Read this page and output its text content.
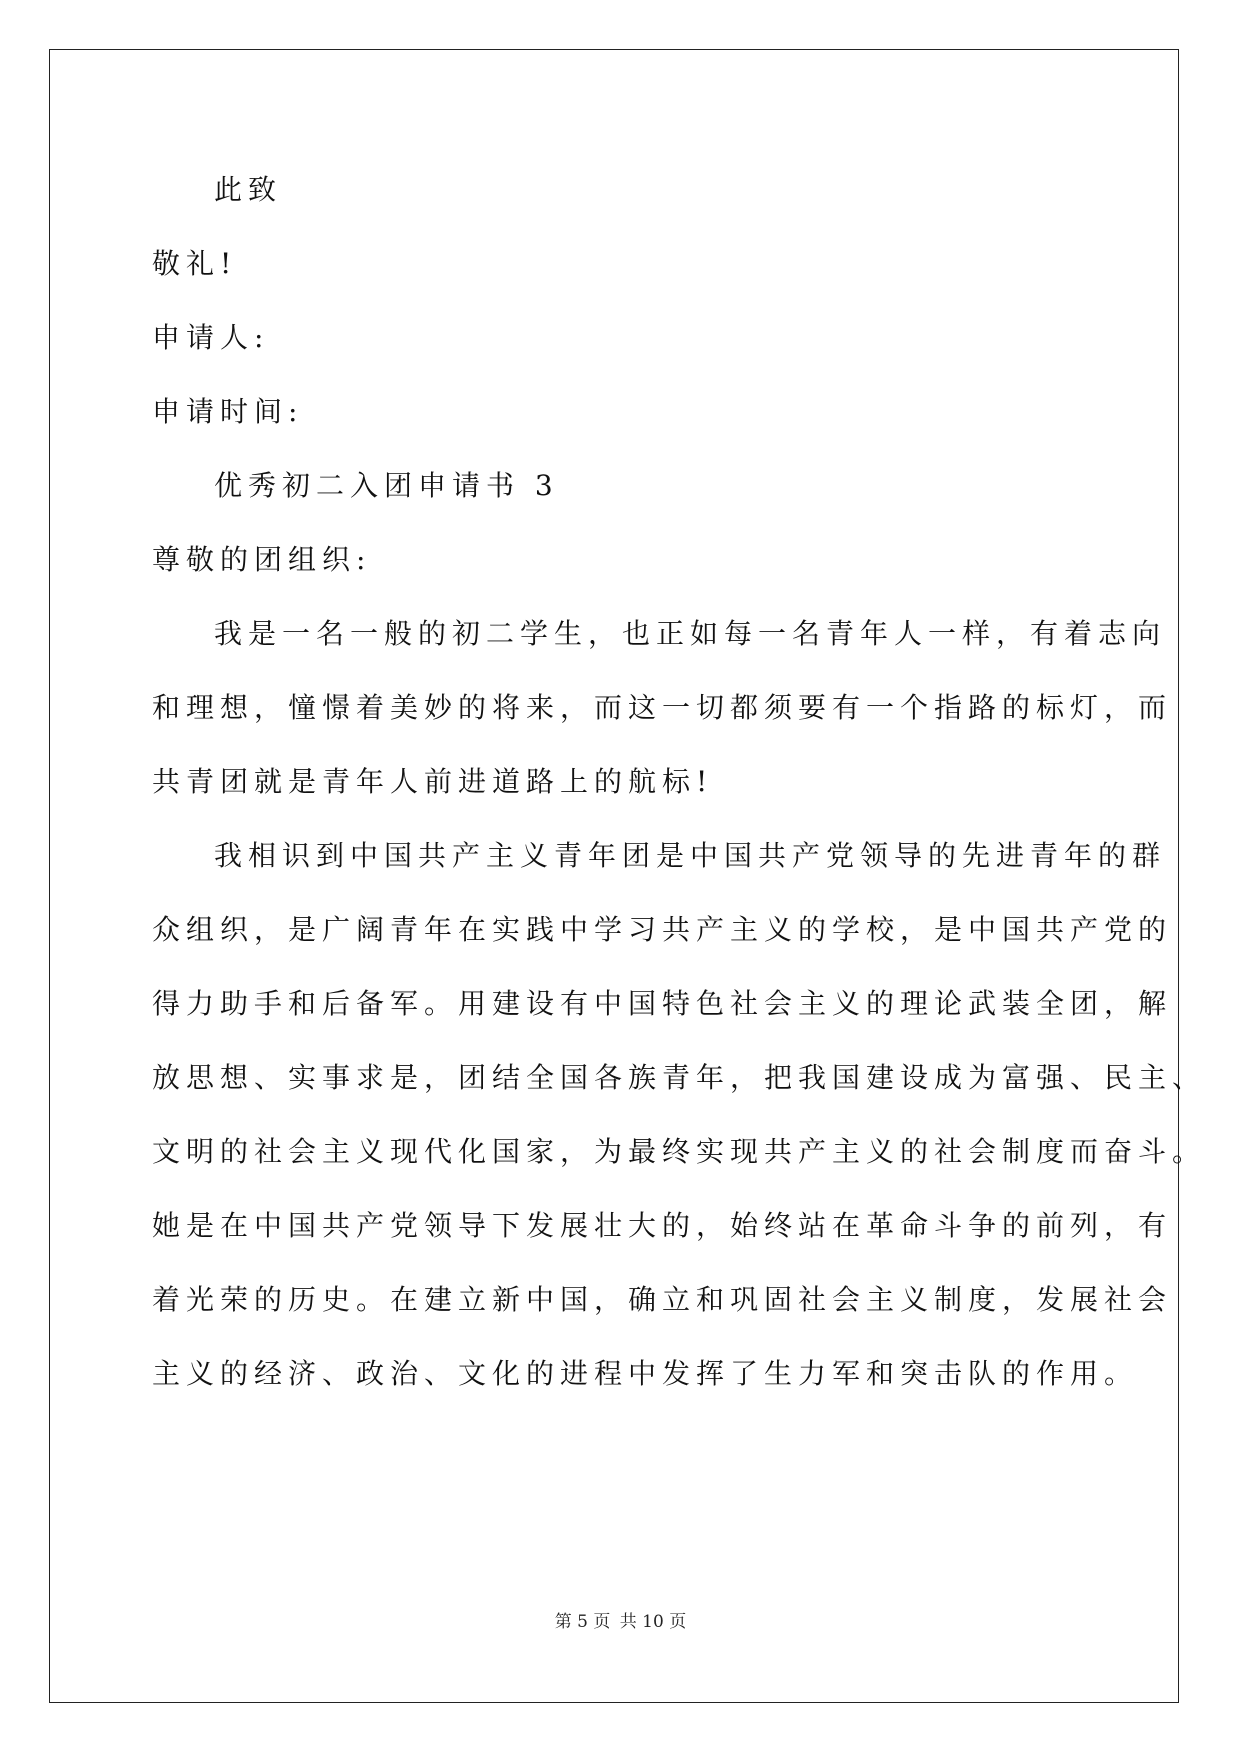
此致
敬礼!
申请人:
申请时间:
优秀初二入团申请书 3
尊敬的团组织:
我是一名一般的初二学生，也正如每一名青年人一样，有着志向
和理想，憧憬着美妙的将来，而这一切都须要有一个指路的标灯，而
共青团就是青年人前进道路上的航标!
我相识到中国共产主义青年团是中国共产党领导的先进青年的群
众组织，是广阔青年在实践中学习共产主义的学校，是中国共产党的
得力助手和后备军。用建设有中国特色社会主义的理论武装全团，解
放思想、实事求是，团结全国各族青年，把我国建设成为富强、民主、
文明的社会主义现代化国家，为最终实现共产主义的社会制度而奋斗。
她是在中国共产党领导下发展壮大的，始终站在革命斗争的前列，有
着光荣的历史。在建立新中国，确立和巩固社会主义制度，发展社会
主义的经济、政治、文化的进程中发挥了生力军和突击队的作用。
第 5 页 共 10 页
